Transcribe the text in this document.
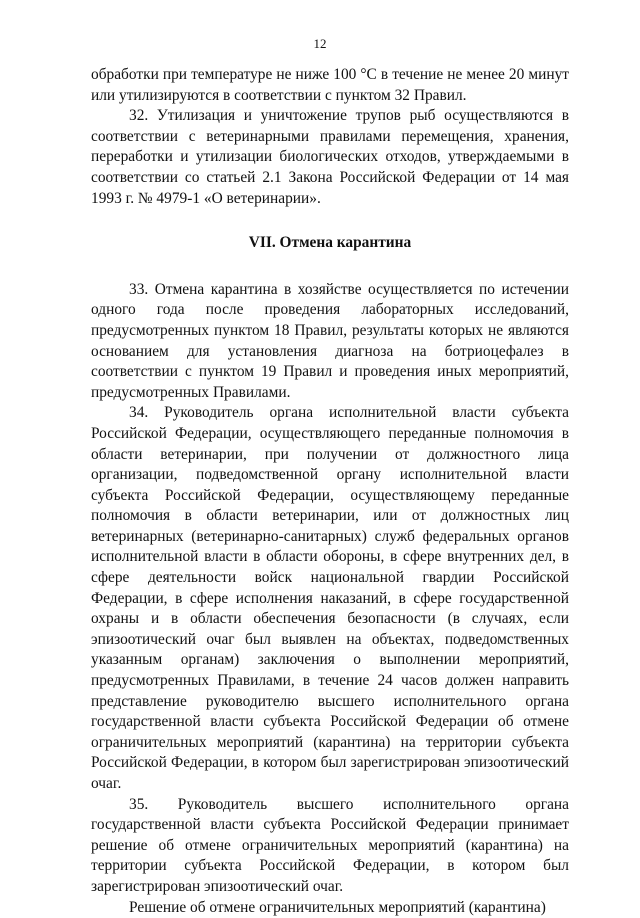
12

обработки при температуре не ниже 100 °С в течение не менее 20 минут или утилизируются в соответствии с пунктом 32 Правил.

32. Утилизация и уничтожение трупов рыб осуществляются в соответствии с ветеринарными правилами перемещения, хранения, переработки и утилизации биологических отходов, утверждаемыми в соответствии со статьей 2.1 Закона Российской Федерации от 14 мая 1993 г. № 4979-1 «О ветеринарии».

VII. Отмена карантина

33. Отмена карантина в хозяйстве осуществляется по истечении одного года после проведения лабораторных исследований, предусмотренных пунктом 18 Правил, результаты которых не являются основанием для установления диагноза на ботриоцефалез в соответствии с пунктом 19 Правил и проведения иных мероприятий, предусмотренных Правилами.

34. Руководитель органа исполнительной власти субъекта Российской Федерации, осуществляющего переданные полномочия в области ветеринарии, при получении от должностного лица организации, подведомственной органу исполнительной власти субъекта Российской Федерации, осуществляющему переданные полномочия в области ветеринарии, или от должностных лиц ветеринарных (ветеринарно-санитарных) служб федеральных органов исполнительной власти в области обороны, в сфере внутренних дел, в сфере деятельности войск национальной гвардии Российской Федерации, в сфере исполнения наказаний, в сфере государственной охраны и в области обеспечения безопасности (в случаях, если эпизоотический очаг был выявлен на объектах, подведомственных указанным органам) заключения о выполнении мероприятий, предусмотренных Правилами, в течение 24 часов должен направить представление руководителю высшего исполнительного органа государственной власти субъекта Российской Федерации об отмене ограничительных мероприятий (карантина) на территории субъекта Российской Федерации, в котором был зарегистрирован эпизоотический очаг.

35. Руководитель высшего исполнительного органа государственной власти субъекта Российской Федерации принимает решение об отмене ограничительных мероприятий (карантина) на территории субъекта Российской Федерации, в котором был зарегистрирован эпизоотический очаг.

Решение об отмене ограничительных мероприятий (карантина)
